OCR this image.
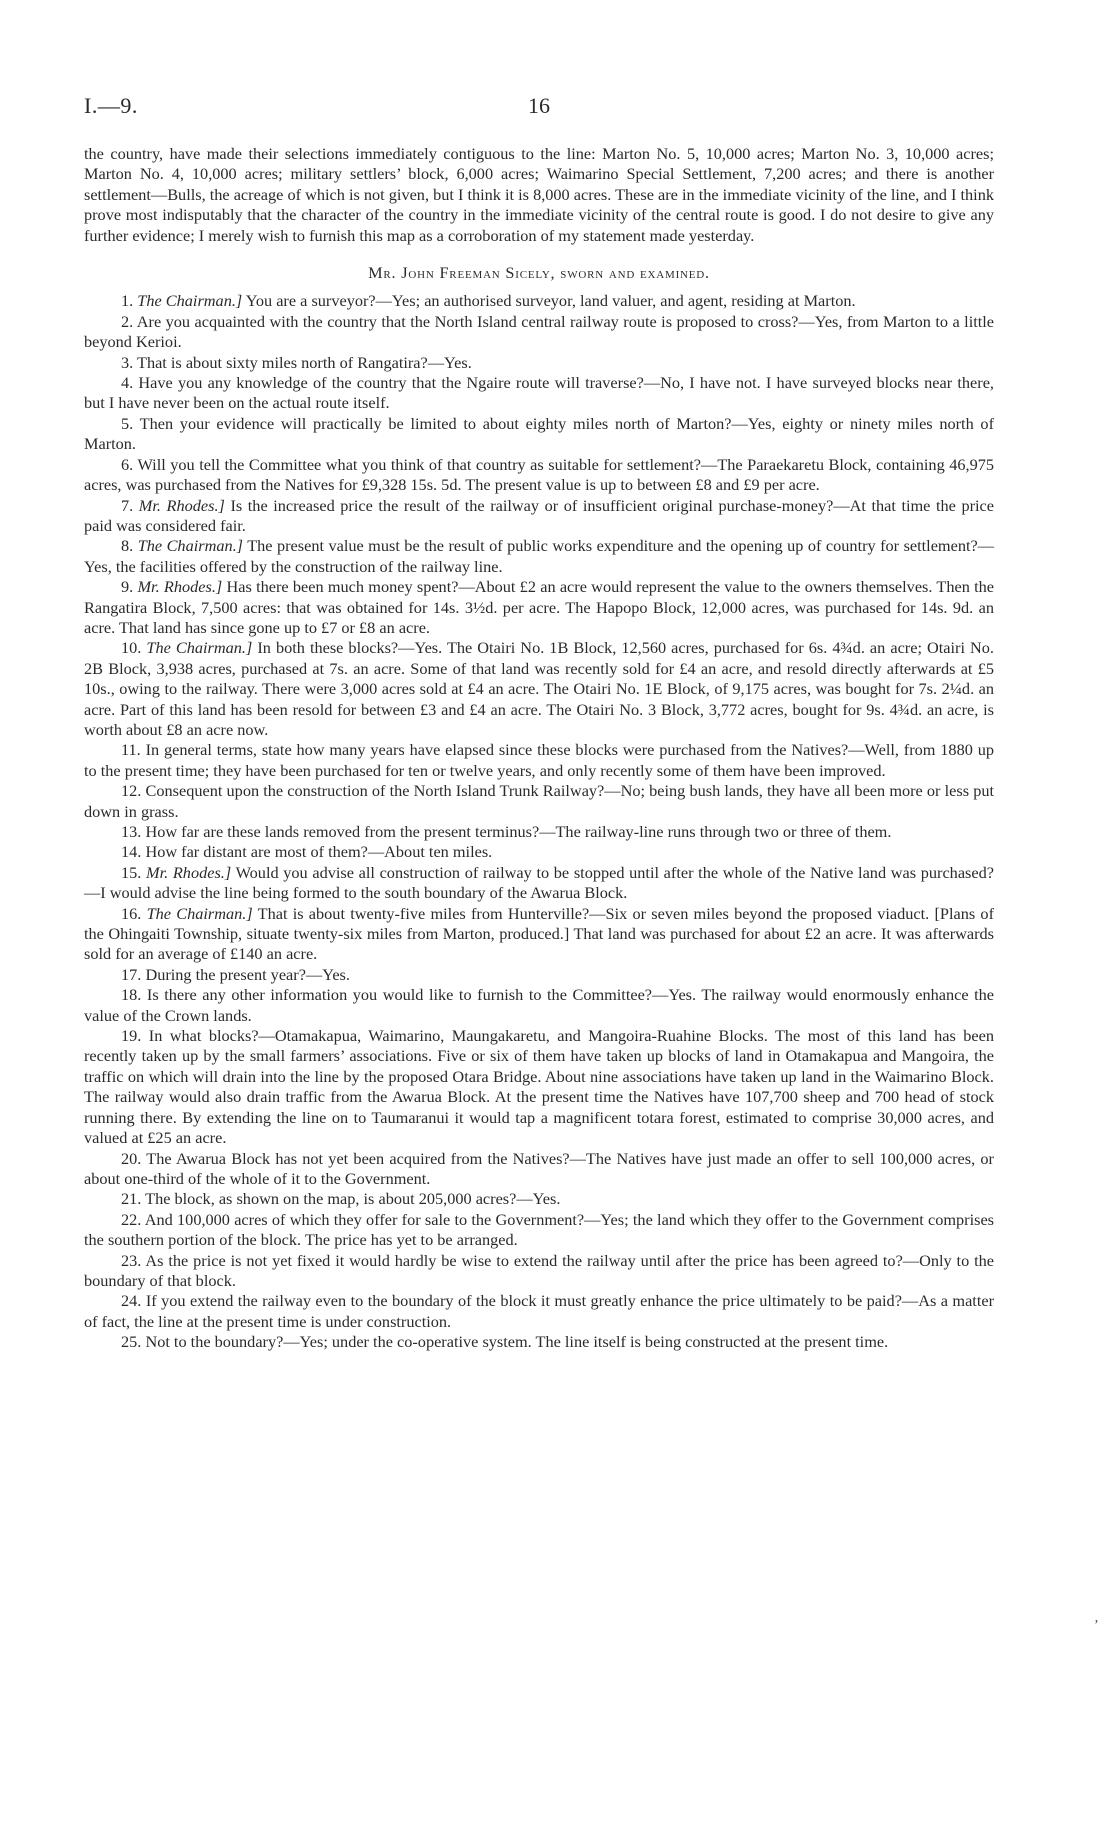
I.—9.	16

the country, have made their selections immediately contiguous to the line: Marton No. 5, 10,000 acres; Marton No. 3, 10,000 acres; Marton No. 4, 10,000 acres; military settlers’ block, 6,000 acres; Waimarino Special Settlement, 7,200 acres; and there is another settlement—Bulls, the acreage of which is not given, but I think it is 8,000 acres. These are in the immediate vicinity of the line, and I think prove most indisputably that the character of the country in the immediate vicinity of the central route is good. I do not desire to give any further evidence; I merely wish to furnish this map as a corroboration of my statement made yesterday.

Mr. John Freeman Sicely, sworn and examined.

1. The Chairman.] You are a surveyor?—Yes; an authorised surveyor, land valuer, and agent, residing at Marton.

2. Are you acquainted with the country that the North Island central railway route is proposed to cross?—Yes, from Marton to a little beyond Kerioi.

3. That is about sixty miles north of Rangatira?—Yes.

4. Have you any knowledge of the country that the Ngaire route will traverse?—No, I have not. I have surveyed blocks near there, but I have never been on the actual route itself.

5. Then your evidence will practically be limited to about eighty miles north of Marton?—Yes, eighty or ninety miles north of Marton.

6. Will you tell the Committee what you think of that country as suitable for settlement?—The Paraekaretu Block, containing 46,975 acres, was purchased from the Natives for £9,328 15s. 5d. The present value is up to between £8 and £9 per acre.

7. Mr. Rhodes.] Is the increased price the result of the railway or of insufficient original purchase-money?—At that time the price paid was considered fair.

8. The Chairman.] The present value must be the result of public works expenditure and the opening up of country for settlement?—Yes, the facilities offered by the construction of the railway line.

9. Mr. Rhodes.] Has there been much money spent?—About £2 an acre would represent the value to the owners themselves. Then the Rangatira Block, 7,500 acres: that was obtained for 14s. 3½d. per acre. The Hapopo Block, 12,000 acres, was purchased for 14s. 9d. an acre. That land has since gone up to £7 or £8 an acre.

10. The Chairman.] In both these blocks?—Yes. The Otairi No. 1B Block, 12,560 acres, purchased for 6s. 4¾d. an acre; Otairi No. 2B Block, 3,938 acres, purchased at 7s. an acre. Some of that land was recently sold for £4 an acre, and resold directly afterwards at £5 10s., owing to the railway. There were 3,000 acres sold at £4 an acre. The Otairi No. 1E Block, of 9,175 acres, was bought for 7s. 2¼d. an acre. Part of this land has been resold for between £3 and £4 an acre. The Otairi No. 3 Block, 3,772 acres, bought for 9s. 4¾d. an acre, is worth about £8 an acre now.

11. In general terms, state how many years have elapsed since these blocks were purchased from the Natives?—Well, from 1880 up to the present time; they have been purchased for ten or twelve years, and only recently some of them have been improved.

12. Consequent upon the construction of the North Island Trunk Railway?—No; being bush lands, they have all been more or less put down in grass.

13. How far are these lands removed from the present terminus?—The railway-line runs through two or three of them.

14. How far distant are most of them?—About ten miles.

15. Mr. Rhodes.] Would you advise all construction of railway to be stopped until after the whole of the Native land was purchased?—I would advise the line being formed to the south boundary of the Awarua Block.

16. The Chairman.] That is about twenty-five miles from Hunterville?—Six or seven miles beyond the proposed viaduct. [Plans of the Ohingaiti Township, situate twenty-six miles from Marton, produced.] That land was purchased for about £2 an acre. It was afterwards sold for an average of £140 an acre.

17. During the present year?—Yes.

18. Is there any other information you would like to furnish to the Committee?—Yes. The railway would enormously enhance the value of the Crown lands.

19. In what blocks?—Otamakapua, Waimarino, Maungakaretu, and Mangoira-Ruahine Blocks. The most of this land has been recently taken up by the small farmers’ associations. Five or six of them have taken up blocks of land in Otamakapua and Mangoira, the traffic on which will drain into the line by the proposed Otara Bridge. About nine associations have taken up land in the Waimarino Block. The railway would also drain traffic from the Awarua Block. At the present time the Natives have 107,700 sheep and 700 head of stock running there. By extending the line on to Taumaranui it would tap a magnificent totara forest, estimated to comprise 30,000 acres, and valued at £25 an acre.

20. The Awarua Block has not yet been acquired from the Natives?—The Natives have just made an offer to sell 100,000 acres, or about one-third of the whole of it to the Government.

21. The block, as shown on the map, is about 205,000 acres?—Yes.

22. And 100,000 acres of which they offer for sale to the Government?—Yes; the land which they offer to the Government comprises the southern portion of the block. The price has yet to be arranged.

23. As the price is not yet fixed it would hardly be wise to extend the railway until after the price has been agreed to?—Only to the boundary of that block.

24. If you extend the railway even to the boundary of the block it must greatly enhance the price ultimately to be paid?—As a matter of fact, the line at the present time is under construction.

25. Not to the boundary?—Yes; under the co-operative system. The line itself is being constructed at the present time.

’
